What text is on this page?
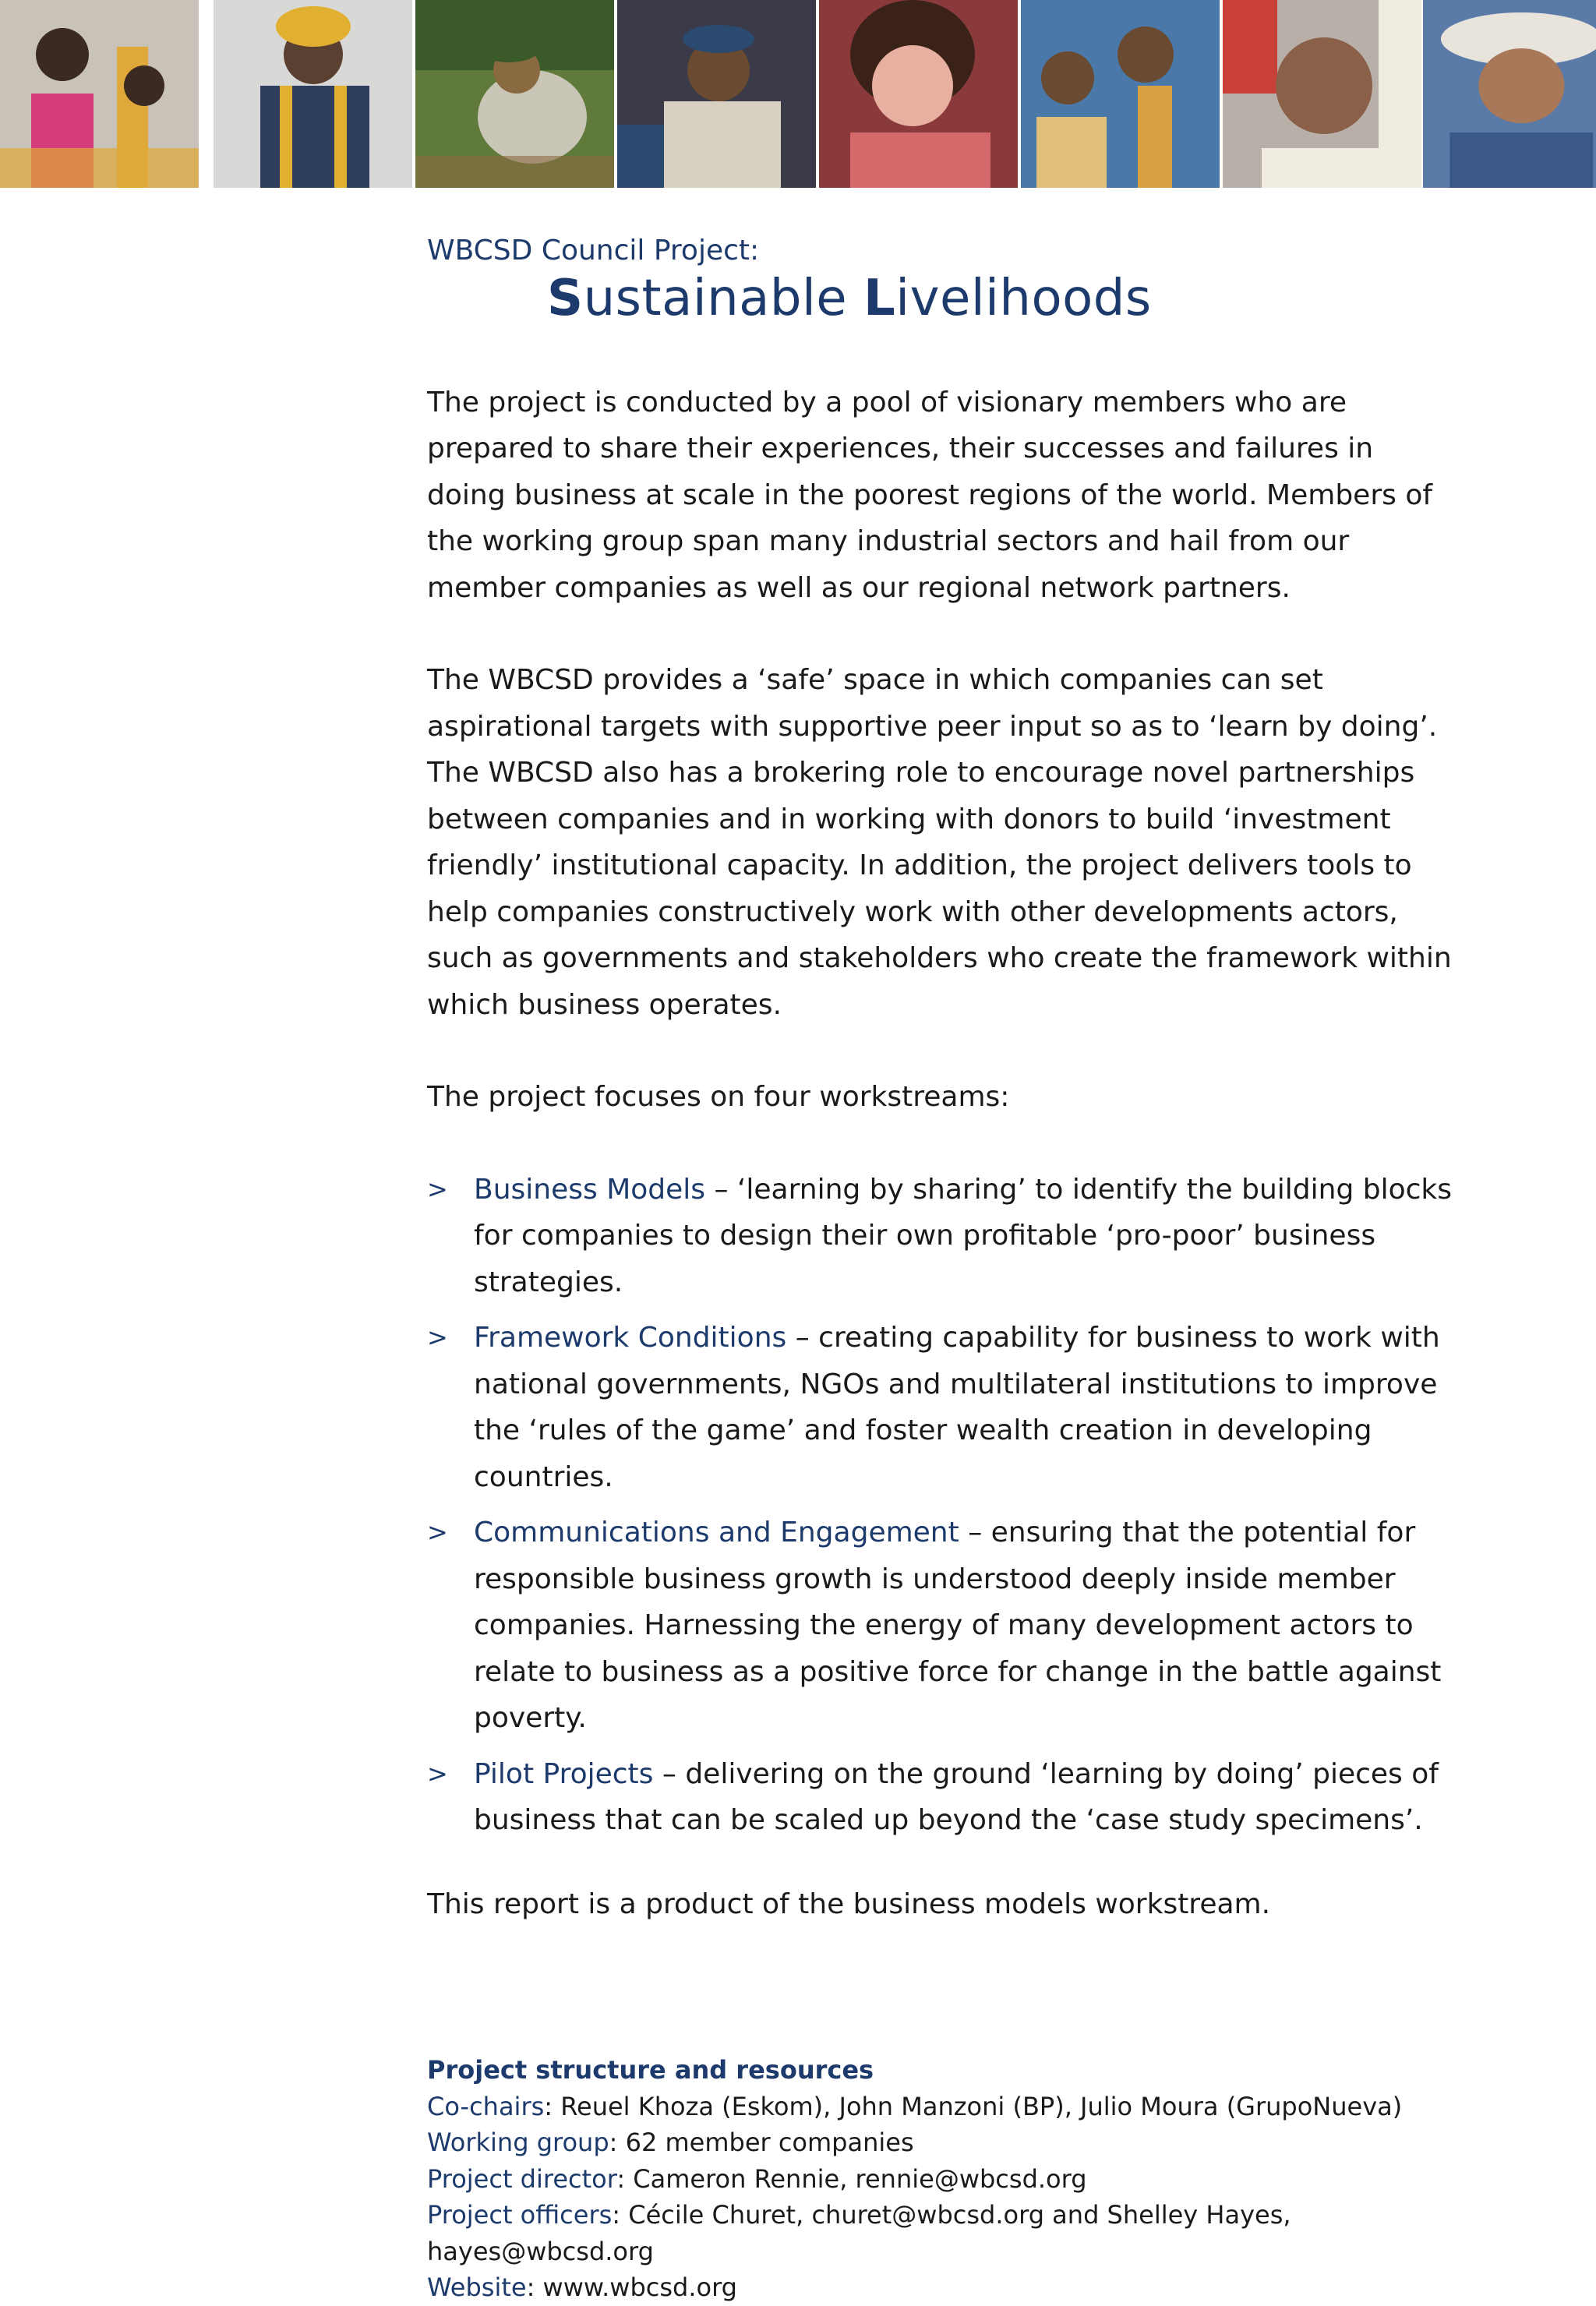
WBCSD Council Project:

Sustainable Livelihoods

The project is conducted by a pool of visionary members who are prepared to share their experiences, their successes and failures in doing business at scale in the poorest regions of the world. Members of the working group span many industrial sectors and hail from our member companies as well as our regional network partners.

The WBCSD provides a ‘safe’ space in which companies can set aspirational targets with supportive peer input so as to ‘learn by doing’. The WBCSD also has a brokering role to encourage novel partnerships between companies and in working with donors to build ‘investment friendly’ institutional capacity. In addition, the project delivers tools to help companies constructively work with other developments actors, such as governments and stakeholders who create the framework within which business operates.

The project focuses on four workstreams:

> Business Models – ‘learning by sharing’ to identify the building blocks for companies to design their own profitable ‘pro-poor’ business strategies.
> Framework Conditions – creating capability for business to work with national governments, NGOs and multilateral institutions to improve the ‘rules of the game’ and foster wealth creation in developing countries.
> Communications and Engagement – ensuring that the potential for responsible business growth is understood deeply inside member companies. Harnessing the energy of many development actors to relate to business as a positive force for change in the battle against poverty.
> Pilot Projects – delivering on the ground ‘learning by doing’ pieces of business that can be scaled up beyond the ‘case study specimens’.

This report is a product of the business models workstream.

Project structure and resources
Co-chairs: Reuel Khoza (Eskom), John Manzoni (BP), Julio Moura (GrupoNueva)
Working group: 62 member companies
Project director: Cameron Rennie, rennie@wbcsd.org
Project officers: Cécile Churet, churet@wbcsd.org and Shelley Hayes, hayes@wbcsd.org
Website: www.wbcsd.org
